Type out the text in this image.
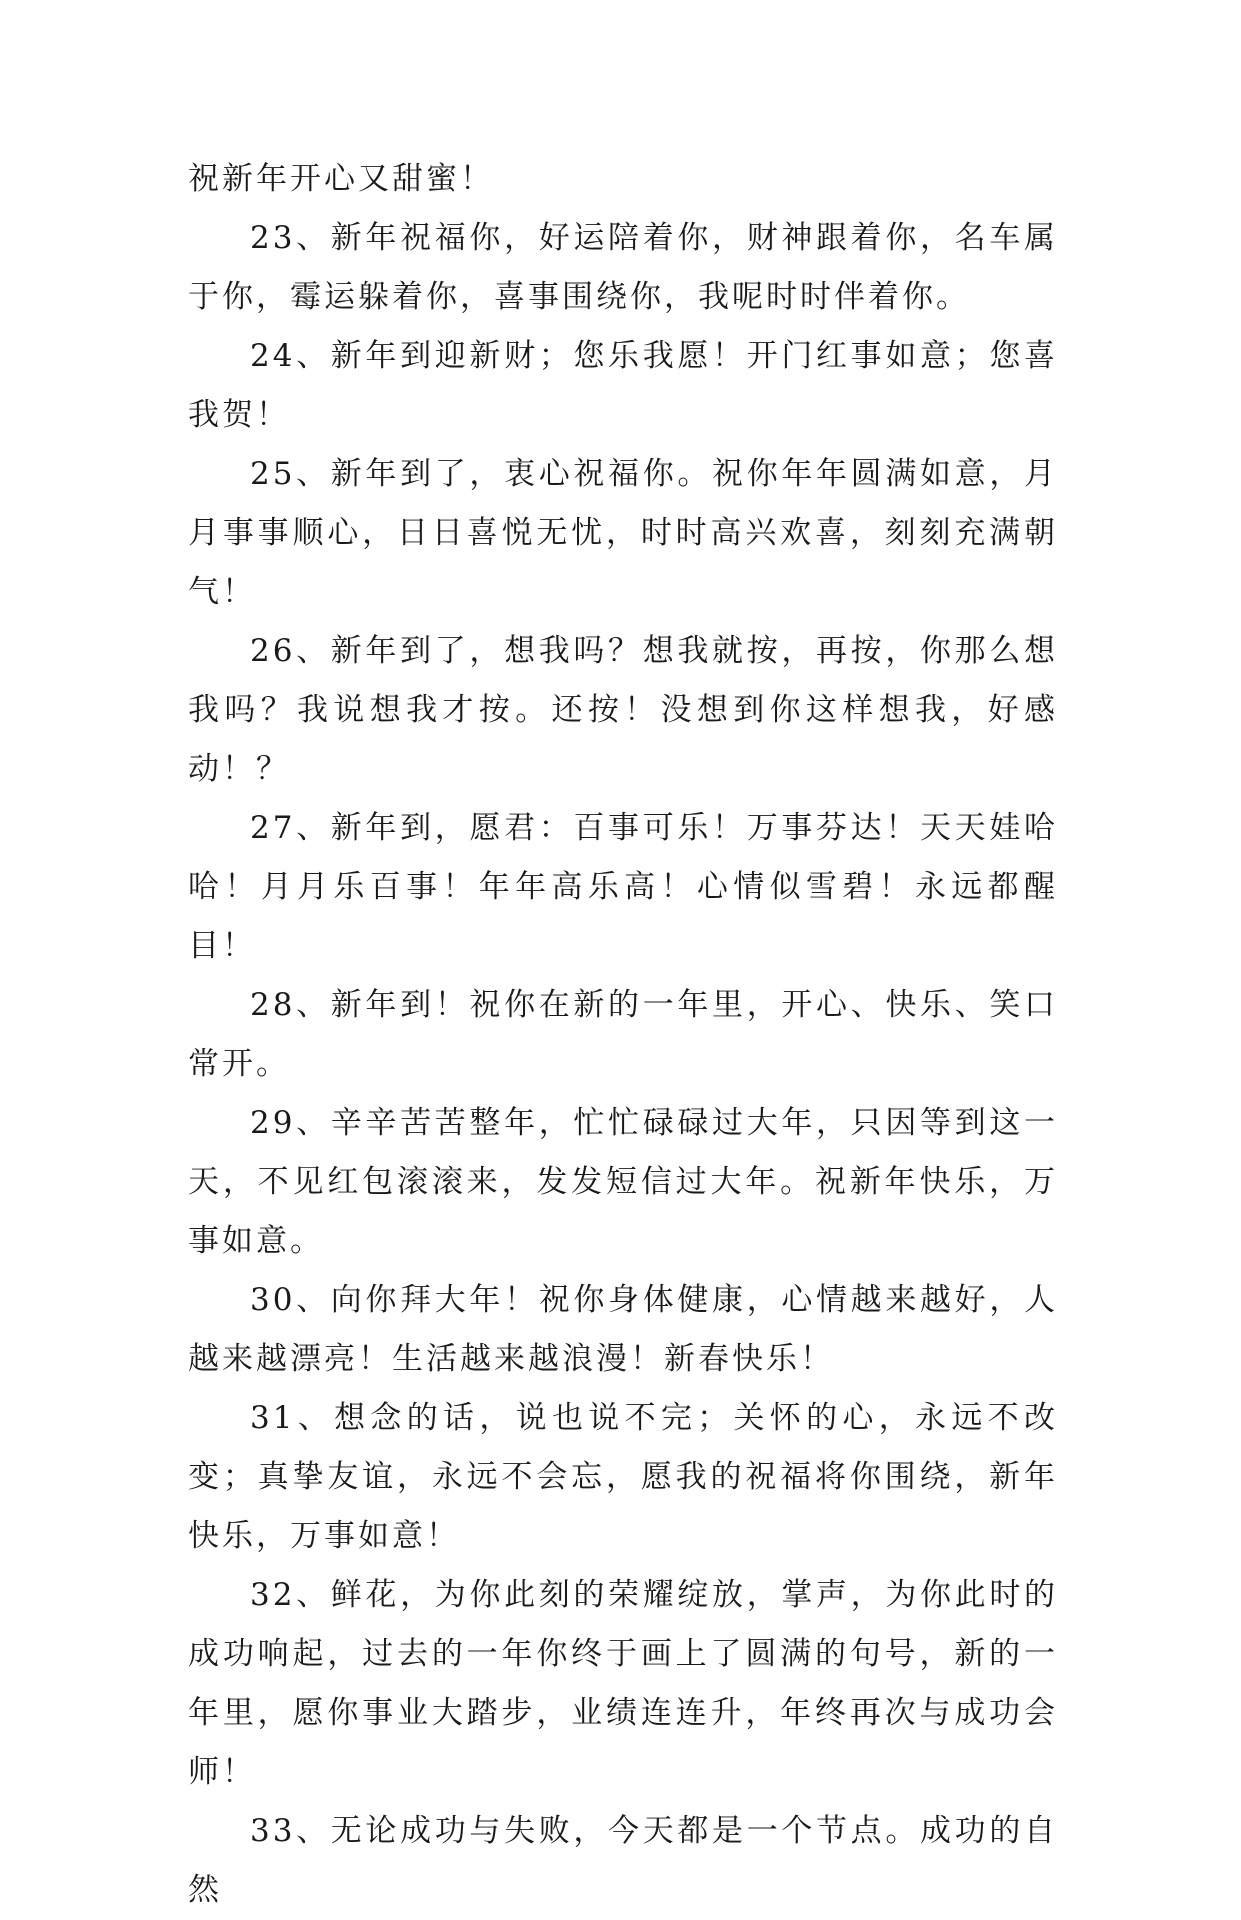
祝新年开心又甜蜜！

23、新年祝福你，好运陪着你，财神跟着你，名车属于你，霉运躲着你，喜事围绕你，我呢时时伴着你。

24、新年到迎新财；您乐我愿！开门红事如意；您喜我贺！

25、新年到了，衷心祝福你。祝你年年圆满如意，月月事事顺心，日日喜悦无忧，时时高兴欢喜，刻刻充满朝气！

26、新年到了，想我吗？想我就按，再按，你那么想我吗？我说想我才按。还按！没想到你这样想我，好感动！？

27、新年到，愿君：百事可乐！万事芬达！天天娃哈哈！月月乐百事！年年高乐高！心情似雪碧！永远都醒目！

28、新年到！祝你在新的一年里，开心、快乐、笑口常开。

29、辛辛苦苦整年，忙忙碌碌过大年，只因等到这一天，不见红包滚滚来，发发短信过大年。祝新年快乐，万事如意。

30、向你拜大年！祝你身体健康，心情越来越好，人越来越漂亮！生活越来越浪漫！新春快乐！

31、想念的话，说也说不完；关怀的心，永远不改变；真挚友谊，永远不会忘，愿我的祝福将你围绕，新年快乐，万事如意！

32、鲜花，为你此刻的荣耀绽放，掌声，为你此时的成功响起，过去的一年你终于画上了圆满的句号，新的一年里，愿你事业大踏步，业绩连连升，年终再次与成功会师！

33、无论成功与失败，今天都是一个节点。成功的自然
